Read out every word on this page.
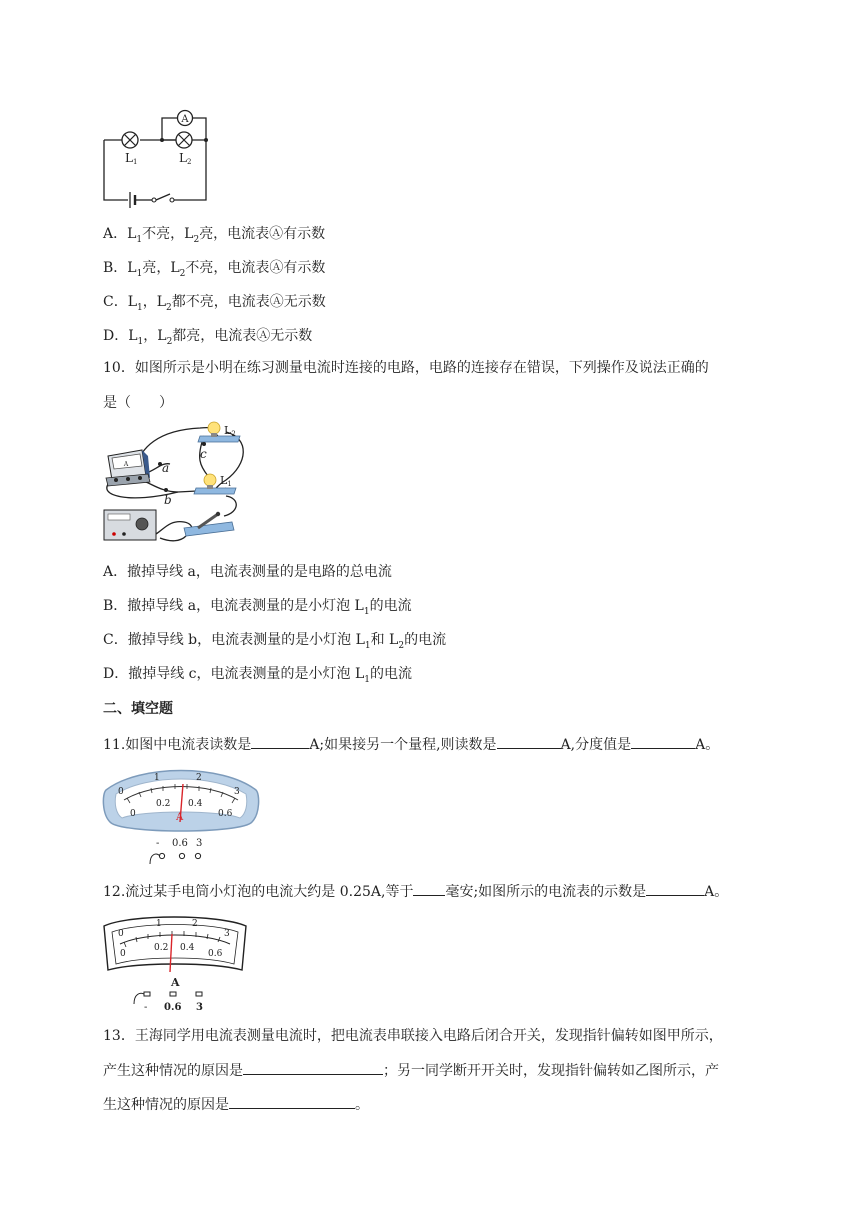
A
L1	L2
A．$L_1$不亮，$L_2$亮，电流表Ⓐ有示数
B．$L_1$亮，$L_2$不亮，电流表Ⓐ有示数
C．$L_1$，$L_2$都不亮，电流表Ⓐ无示数
D．$L_1$，$L_2$都亮，电流表Ⓐ无示数
10．如图所示是小明在练习测量电流时连接的电路，电路的连接存在错误，下列操作及说法正确的
是（　　）
A
L2
L1
a
b
c
A．撤掉导线 a，电流表测量的是电路的总电流
B．撤掉导线 a，电流表测量的是小灯泡 $L_1$的电流
C．撤掉导线 b，电流表测量的是小灯泡 $L_1$和 $L_2$的电流
D．撤掉导线 c，电流表测量的是小灯泡 $L_1$的电流
二、填空题
11.如图中电流表读数是	A;如果接另一个量程,则读数是	A,分度值是	A。
0
1	2
3
0
0.2 0.4
0.6
A
- 0.6 3
12.流过某手电筒小灯泡的电流大约是 0.25A,等于 毫安;如图所示的电流表的示数是	A。
0
1	2
3
0
0.2 0.4
0.6
A
- 0.6 3
13．王海同学用电流表测量电流时，把电流表串联接入电路后闭合开关，发现指针偏转如图甲所示，
产生这种情况的原因是	；另一同学断开开关时，发现指针偏转如乙图所示，产
生这种情况的原因是	。
